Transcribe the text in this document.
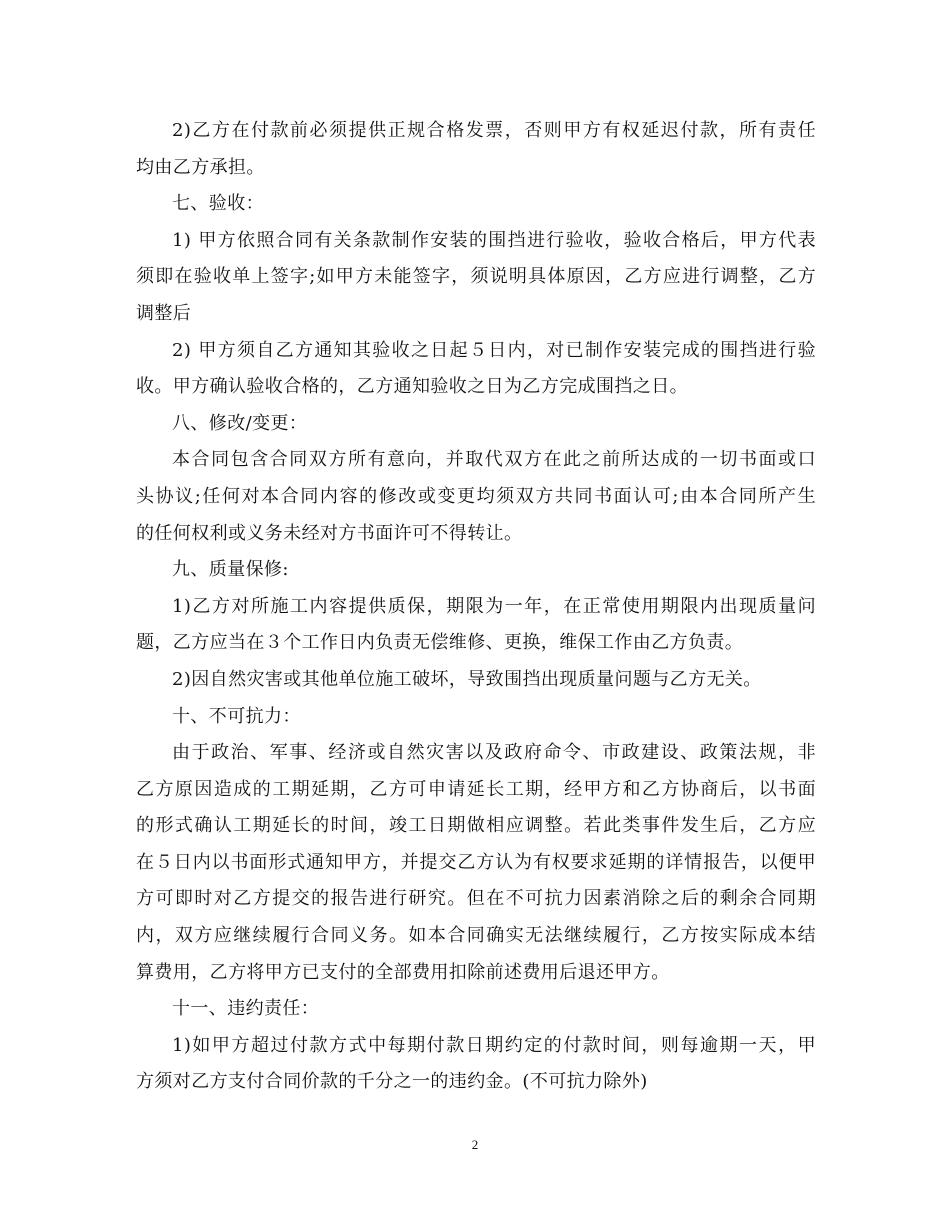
2)乙方在付款前必须提供正规合格发票，否则甲方有权延迟付款，所有责任
均由乙方承担。
七、验收：
1) 甲方依照合同有关条款制作安装的围挡进行验收，验收合格后，甲方代表
须即在验收单上签字;如甲方未能签字，须说明具体原因，乙方应进行调整，乙方
调整后
2) 甲方须自乙方通知其验收之日起５日内，对已制作安装完成的围挡进行验
收。甲方确认验收合格的，乙方通知验收之日为乙方完成围挡之日。
八、修改/变更：
本合同包含合同双方所有意向，并取代双方在此之前所达成的一切书面或口
头协议;任何对本合同内容的修改或变更均须双方共同书面认可;由本合同所产生
的任何权利或义务未经对方书面许可不得转让。
九、质量保修:
1)乙方对所施工内容提供质保，期限为一年，在正常使用期限内出现质量问
题，乙方应当在３个工作日内负责无偿维修、更换，维保工作由乙方负责。
2)因自然灾害或其他单位施工破坏，导致围挡出现质量问题与乙方无关。
十、不可抗力：
由于政治、军事、经济或自然灾害以及政府命令、市政建设、政策法规，非
乙方原因造成的工期延期，乙方可申请延长工期，经甲方和乙方协商后，以书面
的形式确认工期延长的时间，竣工日期做相应调整。若此类事件发生后，乙方应
在５日内以书面形式通知甲方，并提交乙方认为有权要求延期的详情报告，以便甲
方可即时对乙方提交的报告进行研究。但在不可抗力因素消除之后的剩余合同期
内，双方应继续履行合同义务。如本合同确实无法继续履行，乙方按实际成本结
算费用，乙方将甲方已支付的全部费用扣除前述费用后退还甲方。
十一、违约责任：
1)如甲方超过付款方式中每期付款日期约定的付款时间，则每逾期一天，甲
方须对乙方支付合同价款的千分之一的违约金。(不可抗力除外)
2
